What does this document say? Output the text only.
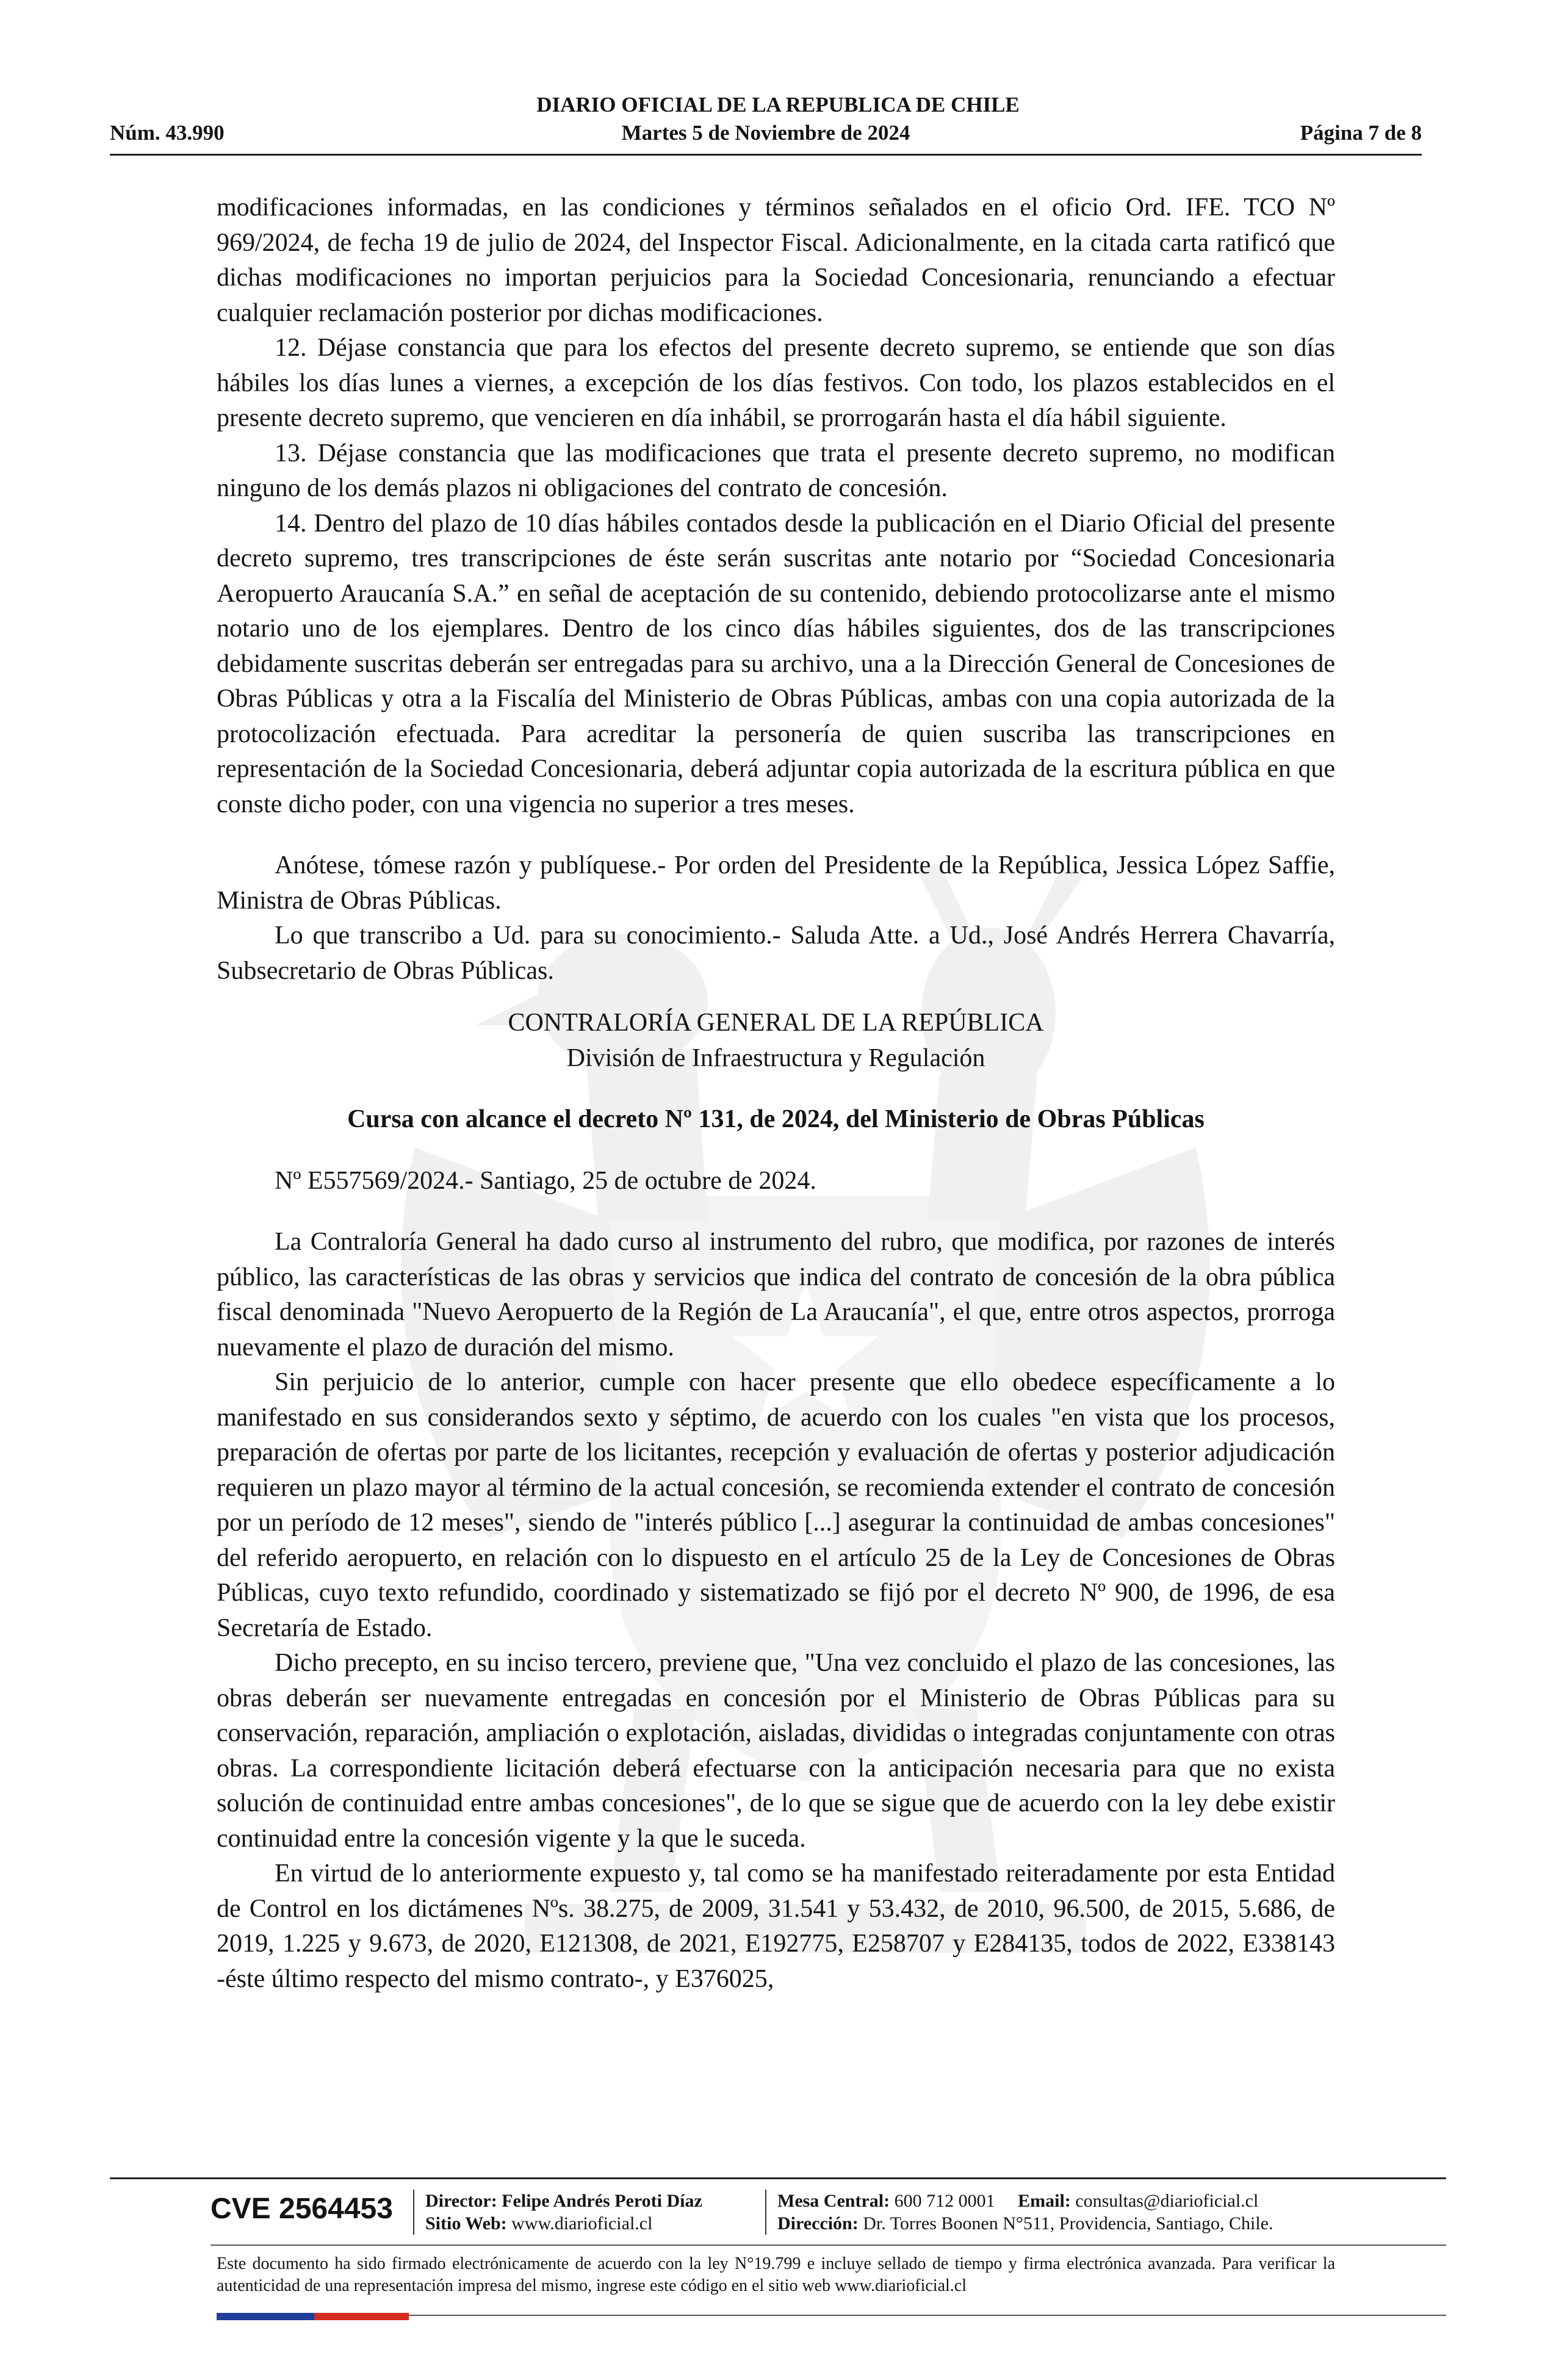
DIARIO OFICIAL DE LA REPUBLICA DE CHILE
Martes 5 de Noviembre de 2024
Núm. 43.990	Página 7 de 8

modificaciones informadas, en las condiciones y términos señalados en el oficio Ord. IFE. TCO Nº 969/2024, de fecha 19 de julio de 2024, del Inspector Fiscal. Adicionalmente, en la citada carta ratificó que dichas modificaciones no importan perjuicios para la Sociedad Concesionaria, renunciando a efectuar cualquier reclamación posterior por dichas modificaciones.

12. Déjase constancia que para los efectos del presente decreto supremo, se entiende que son días hábiles los días lunes a viernes, a excepción de los días festivos. Con todo, los plazos establecidos en el presente decreto supremo, que vencieren en día inhábil, se prorrogarán hasta el día hábil siguiente.

13. Déjase constancia que las modificaciones que trata el presente decreto supremo, no modifican ninguno de los demás plazos ni obligaciones del contrato de concesión.

14. Dentro del plazo de 10 días hábiles contados desde la publicación en el Diario Oficial del presente decreto supremo, tres transcripciones de éste serán suscritas ante notario por “Sociedad Concesionaria Aeropuerto Araucanía S.A.” en señal de aceptación de su contenido, debiendo protocolizarse ante el mismo notario uno de los ejemplares. Dentro de los cinco días hábiles siguientes, dos de las transcripciones debidamente suscritas deberán ser entregadas para su archivo, una a la Dirección General de Concesiones de Obras Públicas y otra a la Fiscalía del Ministerio de Obras Públicas, ambas con una copia autorizada de la protocolización efectuada. Para acreditar la personería de quien suscriba las transcripciones en representación de la Sociedad Concesionaria, deberá adjuntar copia autorizada de la escritura pública en que conste dicho poder, con una vigencia no superior a tres meses.

Anótese, tómese razón y publíquese.- Por orden del Presidente de la República, Jessica López Saffie, Ministra de Obras Públicas.

Lo que transcribo a Ud. para su conocimiento.- Saluda Atte. a Ud., José Andrés Herrera Chavarría, Subsecretario de Obras Públicas.

CONTRALORÍA GENERAL DE LA REPÚBLICA

División de Infraestructura y Regulación

Cursa con alcance el decreto Nº 131, de 2024, del Ministerio de Obras Públicas

Nº E557569/2024.- Santiago, 25 de octubre de 2024.

La Contraloría General ha dado curso al instrumento del rubro, que modifica, por razones de interés público, las características de las obras y servicios que indica del contrato de concesión de la obra pública fiscal denominada "Nuevo Aeropuerto de la Región de La Araucanía", el que, entre otros aspectos, prorroga nuevamente el plazo de duración del mismo.

Sin perjuicio de lo anterior, cumple con hacer presente que ello obedece específicamente a lo manifestado en sus considerandos sexto y séptimo, de acuerdo con los cuales "en vista que los procesos, preparación de ofertas por parte de los licitantes, recepción y evaluación de ofertas y posterior adjudicación requieren un plazo mayor al término de la actual concesión, se recomienda extender el contrato de concesión por un período de 12 meses", siendo de "interés público [...] asegurar la continuidad de ambas concesiones" del referido aeropuerto, en relación con lo dispuesto en el artículo 25 de la Ley de Concesiones de Obras Públicas, cuyo texto refundido, coordinado y sistematizado se fijó por el decreto Nº 900, de 1996, de esa Secretaría de Estado.

Dicho precepto, en su inciso tercero, previene que, "Una vez concluido el plazo de las concesiones, las obras deberán ser nuevamente entregadas en concesión por el Ministerio de Obras Públicas para su conservación, reparación, ampliación o explotación, aisladas, divididas o integradas conjuntamente con otras obras. La correspondiente licitación deberá efectuarse con la anticipación necesaria para que no exista solución de continuidad entre ambas concesiones", de lo que se sigue que de acuerdo con la ley debe existir continuidad entre la concesión vigente y la que le suceda.

En virtud de lo anteriormente expuesto y, tal como se ha manifestado reiteradamente por esta Entidad de Control en los dictámenes Nºs. 38.275, de 2009, 31.541 y 53.432, de 2010, 96.500, de 2015, 5.686, de 2019, 1.225 y 9.673, de 2020, E121308, de 2021, E192775, E258707 y E284135, todos de 2022, E338143 -éste último respecto del mismo contrato-, y E376025,

CVE 2564453 Director: Felipe Andrés Peroti Díaz
Sitio Web: www.diarioficial.cl
Mesa Central: 600 712 0001 Email: consultas@diarioficial.cl
Dirección: Dr. Torres Boonen N°511, Providencia, Santiago, Chile.
Este documento ha sido firmado electrónicamente de acuerdo con la ley N°19.799 e incluye sellado de tiempo y firma electrónica avanzada. Para verificar la autenticidad de una representación impresa del mismo, ingrese este código en el sitio web www.diarioficial.cl
